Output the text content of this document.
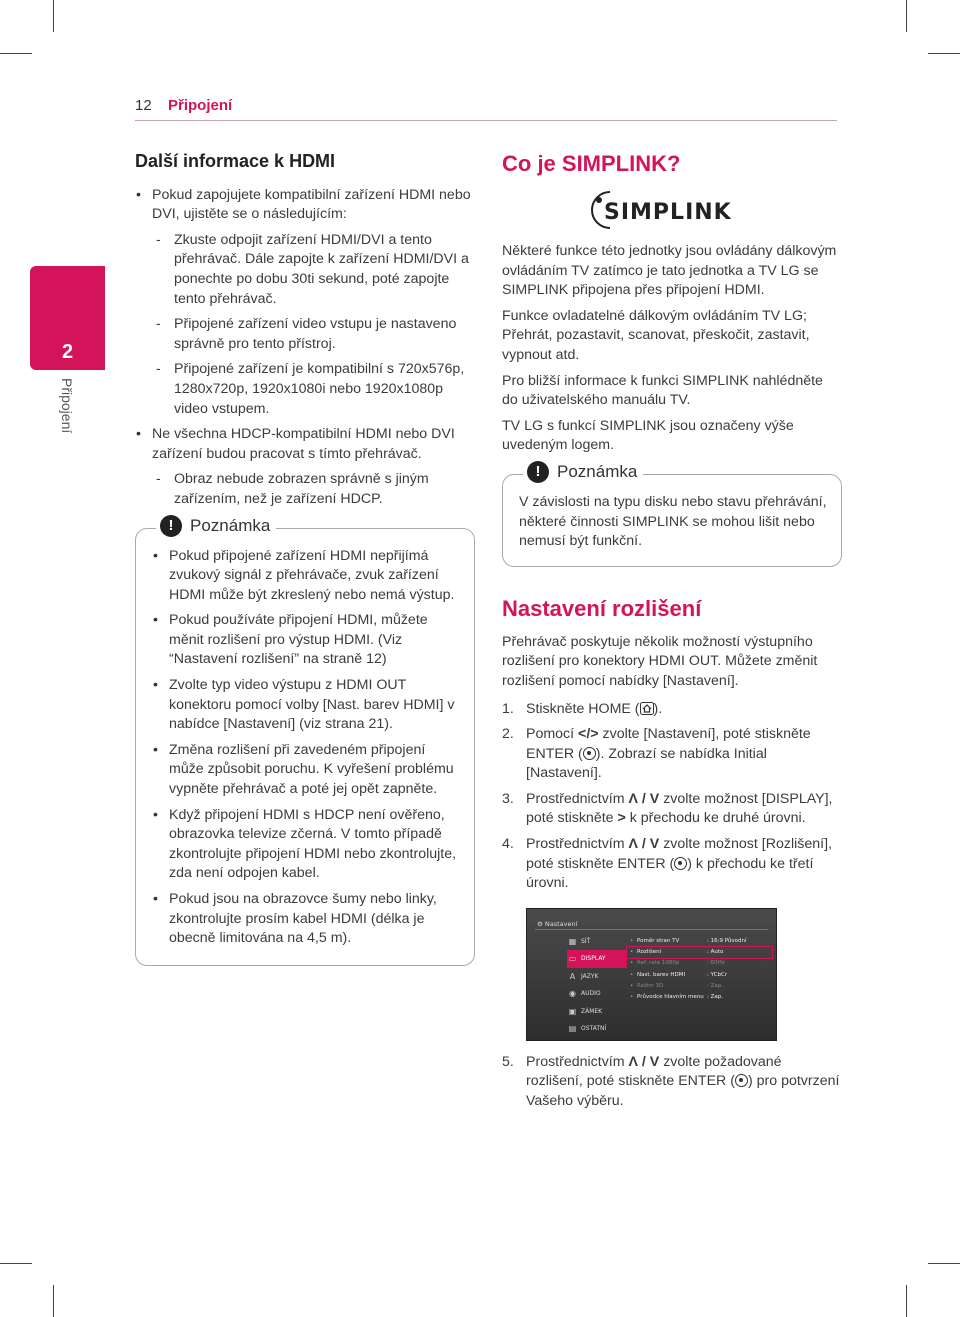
12 Připojení
2
Připojení
Další informace k HDMI
• Pokud zapojujete kompatibilní zařízení HDMI nebo DVI, ujistěte se o následujícím:
- Zkuste odpojit zařízení HDMI/DVI a tento přehrávač. Dále zapojte k zařízení HDMI/DVI a ponechte po dobu 30ti sekund, poté zapojte tento přehrávač.
- Připojené zařízení video vstupu je nastaveno správně pro tento přístroj.
- Připojené zařízení je kompatibilní s 720x576p, 1280x720p, 1920x1080i nebo 1920x1080p video vstupem.
• Ne všechna HDCP-kompatibilní HDMI nebo DVI zařízení budou pracovat s tímto přehrávač.
- Obraz nebude zobrazen správně s jiným zařízením, než je zařízení HDCP.
! Poznámka
• Pokud připojené zařízení HDMI nepřijímá zvukový signál z přehrávače, zvuk zařízení HDMI může být zkreslený nebo nemá výstup.
• Pokud používáte připojení HDMI, můžete měnit rozlišení pro výstup HDMI. (Viz “Nastavení rozlišení” na straně 12)
• Zvolte typ video výstupu z HDMI OUT konektoru pomocí volby [Nast. barev HDMI] v nabídce [Nastavení] (viz strana 21).
• Změna rozlišení při zavedeném připojení může způsobit poruchu. K vyřešení problému vypněte přehrávač a poté jej opět zapněte.
• Když připojení HDMI s HDCP není ověřeno, obrazovka televize zčerná. V tomto případě zkontrolujte připojení HDMI nebo zkontrolujte, zda není odpojen kabel.
• Pokud jsou na obrazovce šumy nebo linky, zkontrolujte prosím kabel HDMI (délka je obecně limitována na 4,5 m).
Co je SIMPLINK?
SIMPLINK

Některé funkce této jednotky jsou ovládány dálkovým ovládáním TV zatímco je tato jednotka a TV LG se SIMPLINK připojena přes připojení HDMI.

Funkce ovladatelné dálkovým ovládáním TV LG; Přehrát, pozastavit, scanovat, přeskočit, zastavit, vypnout atd.

Pro bližší informace k funkci SIMPLINK nahlédněte do uživatelského manuálu TV.

TV LG s funkcí SIMPLINK jsou označeny výše uvedeným logem.

! Poznámka
V závislosti na typu disku nebo stavu přehrávání, některé činnosti SIMPLINK se mohou lišit nebo nemusí být funkční.
Nastavení rozlišení

Přehrávač poskytuje několik možností výstupního rozlišení pro konektory HDMI OUT. Můžete změnit rozlišení pomocí nabídky [Nastavení].

1. Stiskněte HOME ( ).
2. Pomocí </> zvolte [Nastavení], poté stiskněte ENTER ( ). Zobrazí se nabídka Initial [Nastavení].
3. Prostřednictvím Λ / V zvolte možnost [DISPLAY], poté stiskněte > k přechodu ke druhé úrovni.
4. Prostřednictvím Λ / V zvolte možnost [Rozlišení], poté stiskněte ENTER ( ) k přechodu ke třetí úrovni.
⚙ Nastavení
▦ SÍŤ
▭ DISPLAY
A JAZYK
◉ AUDIO
▣ ZÁMEK
▤ OSTATNÍ
• Poměr stran TV	: 16:9 Původní
• Rozlišení	: Auto
• Ref. rate 1080p	: 60Hz
• Nast. barev HDMI	: YCbCr
• Režim 3D	: Zap.
• Průvodce hlavním menu : Zap.
5. Prostřednictvím Λ / V zvolte požadované rozlišení, poté stiskněte ENTER ( ) pro potvrzení Vašeho výběru.
